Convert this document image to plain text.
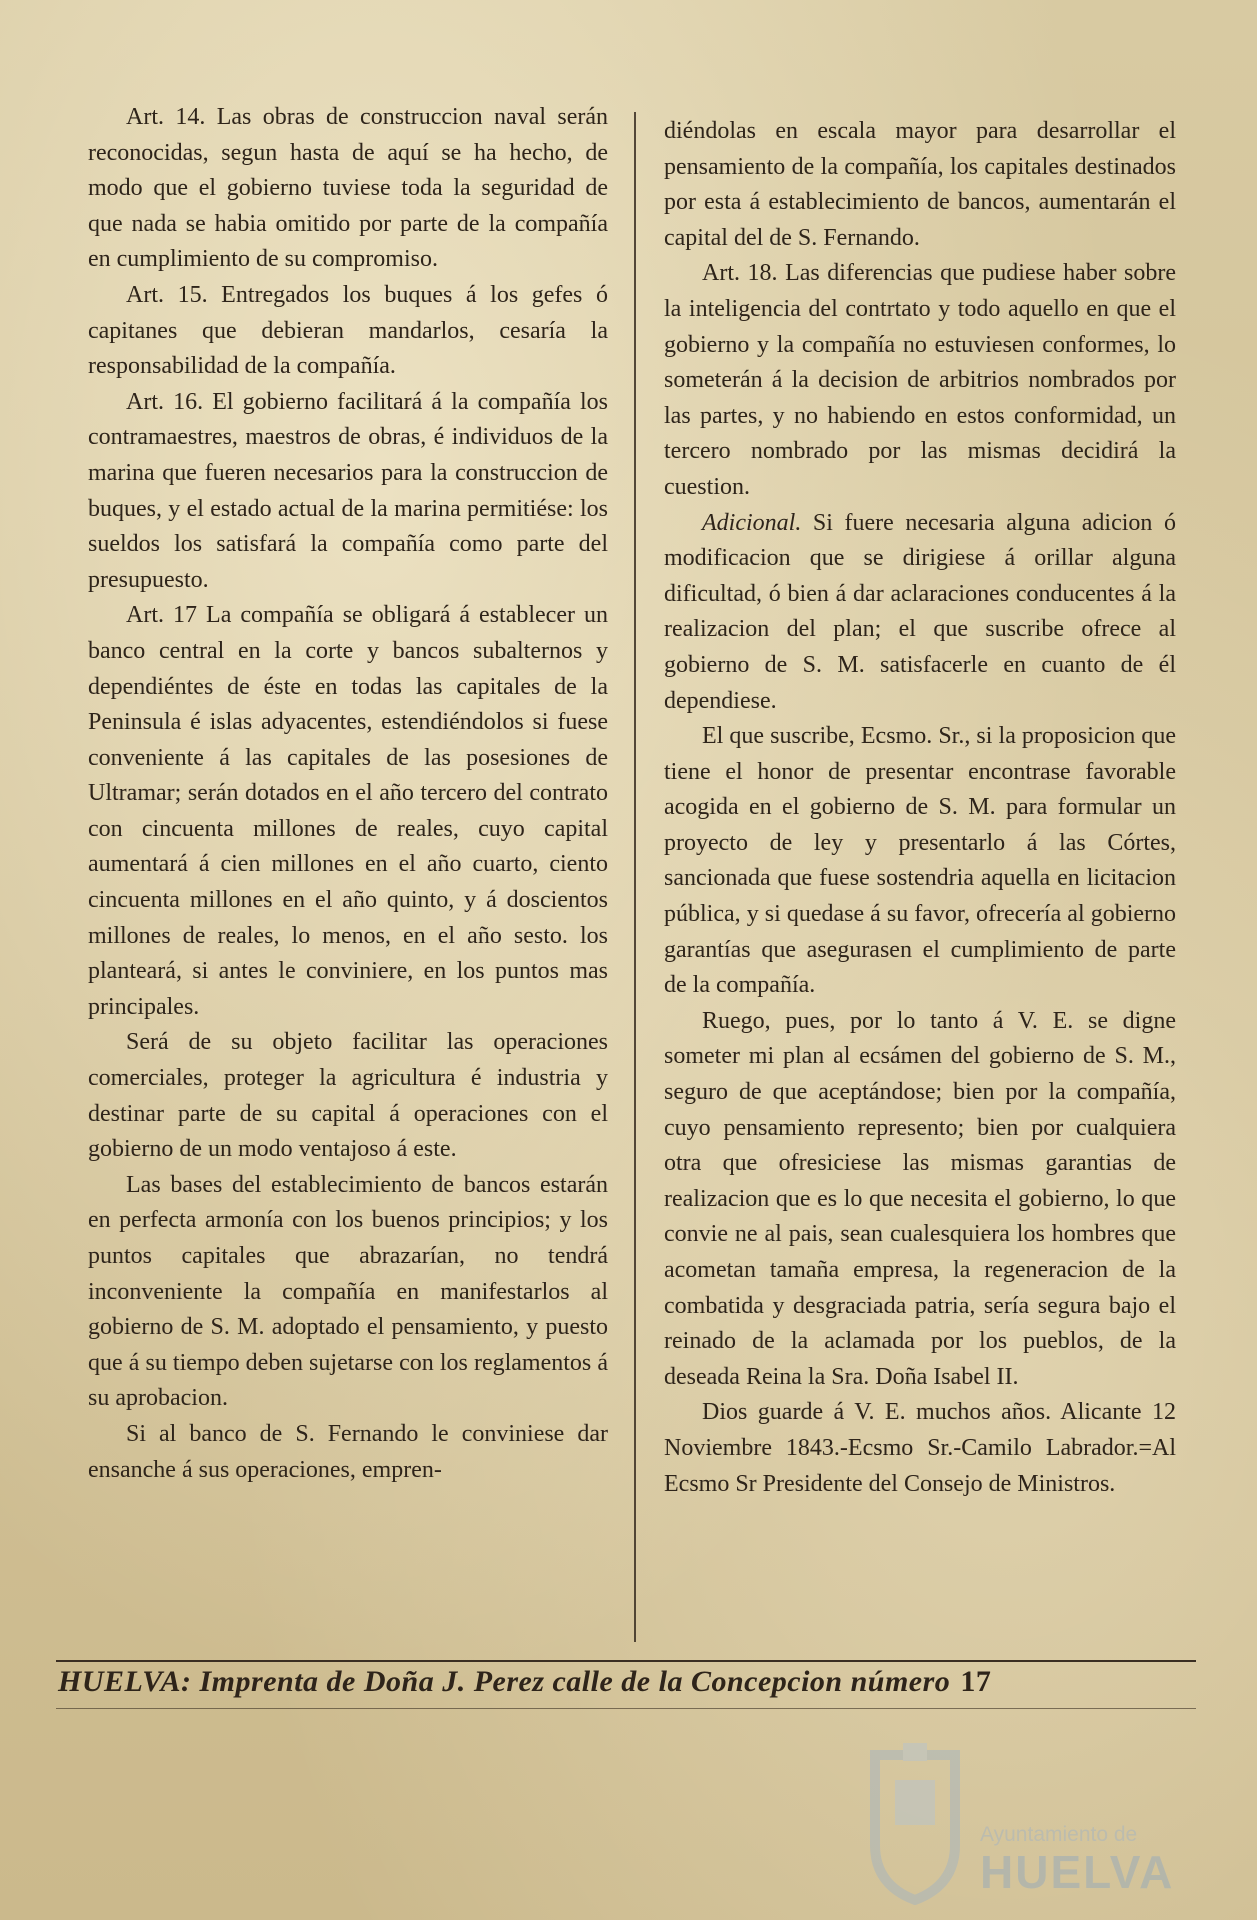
Art. 14. Las obras de construccion naval serán reconocidas, segun hasta de aquí se ha hecho, de modo que el gobierno tuviese toda la seguridad de que nada se habia omitido por parte de la compañía en cumplimiento de su compromiso.

Art. 15. Entregados los buques á los gefes ó capitanes que debieran mandarlos, cesaría la responsabilidad de la compañía.

Art. 16. El gobierno facilitará á la compañía los contramaestres, maestros de obras, é individuos de la marina que fueren necesarios para la construccion de buques, y el estado actual de la marina permitiése: los sueldos los satisfará la compañía como parte del presupuesto.

Art. 17 La compañía se obligará á establecer un banco central en la corte y bancos subalternos y dependiéntes de éste en todas las capitales de la Peninsula é islas adyacentes, estendiéndolos si fuese conveniente á las capitales de las posesiones de Ultramar; serán dotados en el año tercero del contrato con cincuenta millones de reales, cuyo capital aumentará á cien millones en el año cuarto, ciento cincuenta millones en el año quinto, y á doscientos millones de reales, lo menos, en el año sesto. los planteará, si antes le conviniere, en los puntos mas principales.

Será de su objeto facilitar las operaciones comerciales, proteger la agricultura é industria y destinar parte de su capital á operaciones con el gobierno de un modo ventajoso á este.

Las bases del establecimiento de bancos estarán en perfecta armonía con los buenos principios; y los puntos capitales que abrazarían, no tendrá inconveniente la compañía en manifestarlos al gobierno de S. M. adoptado el pensamiento, y puesto que á su tiempo deben sujetarse con los reglamentos á su aprobacion.

Si al banco de S. Fernando le conviniese dar ensanche á sus operaciones, empren-

diéndolas en escala mayor para desarrollar el pensamiento de la compañía, los capitales destinados por esta á establecimiento de bancos, aumentarán el capital del de S. Fernando.

Art. 18. Las diferencias que pudiese haber sobre la inteligencia del contrtato y todo aquello en que el gobierno y la compañía no estuviesen conformes, lo someterán á la decision de arbitrios nombrados por las partes, y no habiendo en estos conformidad, un tercero nombrado por las mismas decidirá la cuestion.

Adicional. Si fuere necesaria alguna adicion ó modificacion que se dirigiese á orillar alguna dificultad, ó bien á dar aclaraciones conducentes á la realizacion del plan; el que suscribe ofrece al gobierno de S. M. satisfacerle en cuanto de él dependiese.

El que suscribe, Ecsmo. Sr., si la proposicion que tiene el honor de presentar encontrase favorable acogida en el gobierno de S. M. para formular un proyecto de ley y presentarlo á las Córtes, sancionada que fuese sostendria aquella en licitacion pública, y si quedase á su favor, ofrecería al gobierno garantías que asegurasen el cumplimiento de parte de la compañía.

Ruego, pues, por lo tanto á V. E. se digne someter mi plan al ecsámen del gobierno de S. M., seguro de que aceptándose; bien por la compañía, cuyo pensamiento represento; bien por cualquiera otra que ofresiciese las mismas garantias de realizacion que es lo que necesita el gobierno, lo que convie ne al pais, sean cualesquiera los hombres que acometan tamaña empresa, la regeneracion de la combatida y desgraciada patria, sería segura bajo el reinado de la aclamada por los pueblos, de la deseada Reina la Sra. Doña Isabel II.

Dios guarde á V. E. muchos años. Alicante 12 Noviembre 1843.-Ecsmo Sr.-Camilo Labrador.=Al Ecsmo Sr Presidente del Consejo de Ministros.

HUELVA: Imprenta de Doña J. Perez calle de la Concepcion número 17
Ayuntamiento de
HUELVA
